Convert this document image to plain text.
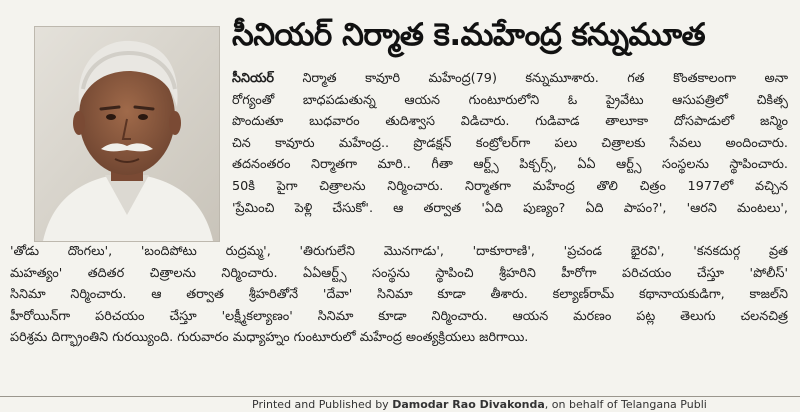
సీనియర్ నిర్మాత కె.మహేంద్ర కన్నుమూత
సీనియర్ నిర్మాత కావూరి మహేంద్ర(79) కన్నుమూశారు. గత కొంతకాలంగా అనా
రోగ్యంతో బాధపడుతున్న ఆయన గుంటూరులోని ఓ ప్రైవేటు ఆసుపత్రిలో చికిత్స
పొందుతూ బుధవారం తుదిశ్వాస విడిచారు. గుడివాడ తాలూకా దోసపాడులో జన్మిం
చిన కావూరు మహేంద్ర.. ప్రొడక్షన్ కంట్రోలర్‌గా పలు చిత్రాలకు సేవలు అందించారు.
తదనంతరం నిర్మాతగా మారి.. గీతా ఆర్ట్స్ పిక్చర్స్, ఏఏ ఆర్ట్స్ సంస్థలను స్థాపించారు.
50కి పైగా చిత్రాలను నిర్మించారు. నిర్మాతగా మహేంద్ర తొలి చిత్రం 1977లో వచ్చిన
'ప్రేమించి పెళ్లి చేసుకో'. ఆ తర్వాత 'ఏది పుణ్యం? ఏది పాపం?', 'ఆరని మంటలు',
'తోడు దొంగలు', 'బందిపోటు రుద్రమ్మ', 'తిరుగులేని మొనగాడు', 'దాకూరాణి', 'ప్రచండ భైరవి', 'కనకదుర్గ వ్రత
మహత్యం' తదితర చిత్రాలను నిర్మించారు. ఏఏఆర్ట్స్ సంస్థను స్థాపించి శ్రీహరిని హీరోగా పరిచయం చేస్తూ 'పోలీస్'
సినిమా నిర్మించారు. ఆ తర్వాత శ్రీహరితోనే 'దేవా' సినిమా కూడా తీశారు. కల్యాణ్‌రామ్ కథానాయకుడిగా, కాజల్‌ని
హీరోయిన్‌గా పరిచయం చేస్తూ 'లక్ష్మీకల్యాణం' సినిమా కూడా నిర్మించారు. ఆయన మరణం పట్ల తెలుగు చలనచిత్ర
పరిశ్రమ దిగ్భ్రాంతిని గురయ్యింది. గురువారం మధ్యాహ్నం గుంటూరులో మహేంద్ర అంత్యక్రియలు జరిగాయి.
Printed and Published by Damodar Rao Divakonda, on behalf of Telangana Publi
